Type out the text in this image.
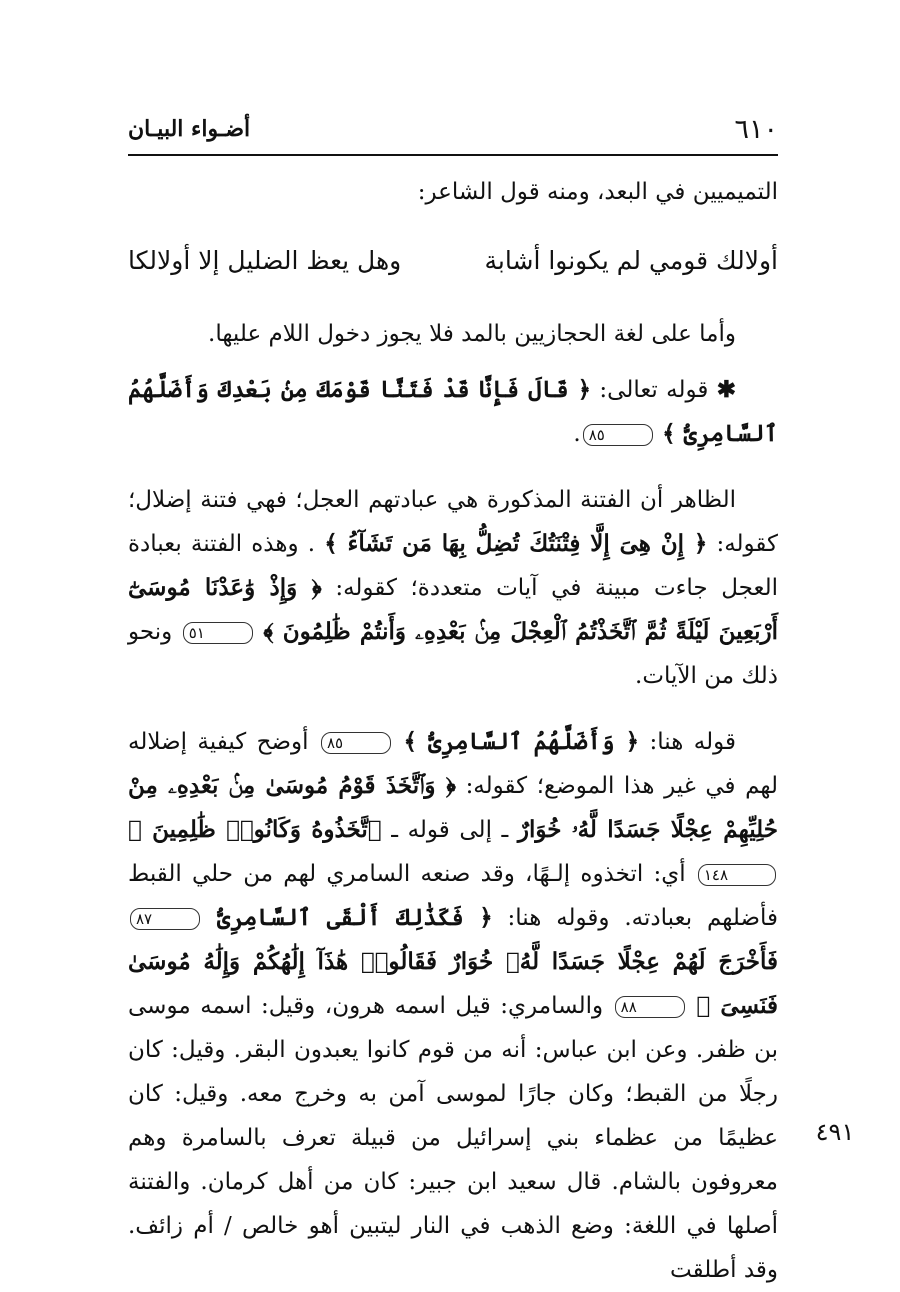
٦١٠
أضـواء البيـان

التميميين في البعد، ومنه قول الشاعر:

أولالك قومي لم يكونوا أشابة
وهل يعظ الضليل إلا أولالكا

وأما على لغة الحجازيين بالمد فلا يجوز دخول اللام عليها.

✱ قوله تعالى: ﴿ قَالَ فَإِنَّا قَدْ فَتَنَّا قَوْمَكَ مِنۢ بَعْدِكَ وَأَضَلَّهُمُ ٱلسَّامِرِىُّ ﴾ ٨٥.

الظاهر أن الفتنة المذكورة هي عبادتهم العجل؛ فهي فتنة إضلال؛ كقوله: ﴿ إِنْ هِىَ إِلَّا فِتْنَتُكَ تُضِلُّ بِهَا مَن تَشَآءُ ﴾ . وهذه الفتنة بعبادة العجل جاءت مبينة في آيات متعددة؛ كقوله: ﴿ وَإِذْ وَٰعَدْنَا مُوسَىٰٓ أَرْبَعِينَ لَيْلَةً ثُمَّ ٱتَّخَذْتُمُ ٱلْعِجْلَ مِنۢ بَعْدِهِۦ وَأَنتُمْ ظَٰلِمُونَ ﴾ ٥١ ونحو ذلك من الآيات.

قوله هنا: ﴿ وَأَضَلَّهُمُ ٱلسَّامِرِىُّ ﴾ ٨٥ أوضح كيفية إضلاله لهم في غير هذا الموضع؛ كقوله: ﴿ وَٱتَّخَذَ قَوْمُ مُوسَىٰ مِنۢ بَعْدِهِۦ مِنْ حُلِيِّهِمْ عِجْلًا جَسَدًا لَّهُۥ خُوَارٌ ـ إلى قوله ـ ٱتَّخَذُوهُ وَكَانُوا۟ ظَٰلِمِينَ ﴾ ١٤٨ أي: اتخذوه إلـهًا، وقد صنعه السامري لهم من حلي القبط فأضلهم بعبادته. وقوله هنا: ﴿ فَكَذَٰلِكَ أَلْقَى ٱلسَّامِرِىُّ ٨٧ فَأَخْرَجَ لَهُمْ عِجْلًا جَسَدًا لَّهُۥ خُوَارٌ فَقَالُوا۟ هَٰذَآ إِلَٰهُكُمْ وَإِلَٰهُ مُوسَىٰ فَنَسِىَ ﴾ ٨٨ والسامري: قيل اسمه هرون، وقيل: اسمه موسى بن ظفر. وعن ابن عباس: أنه من قوم كانوا يعبدون البقر. وقيل: كان رجلًا من القبط؛ وكان جارًا لموسى آمن به وخرج معه. وقيل: كان عظيمًا من عظماء بني إسرائيل من قبيلة تعرف بالسامرة وهم معروفون بالشام. قال سعيد ابن جبير: كان من أهل كرمان. والفتنة أصلها في اللغة: وضع الذهب في النار ليتبين أهو خالص / أم زائف. وقد أطلقت

٤٩١
